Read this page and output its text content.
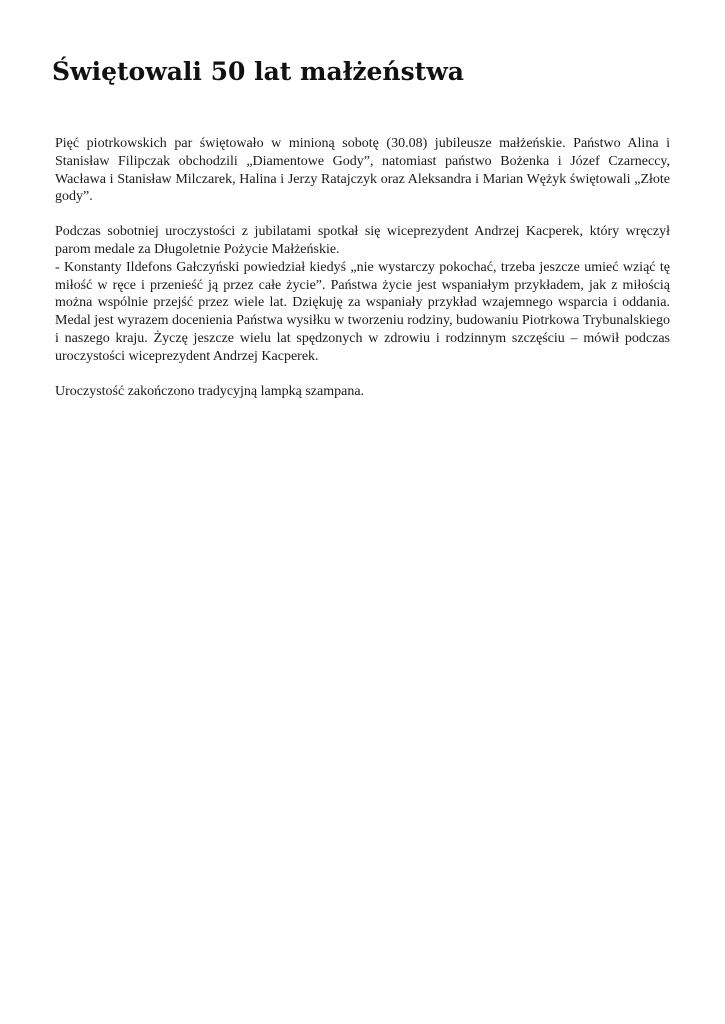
Świętowali 50 lat małżeństwa

Pięć piotrkowskich par świętowało w minioną sobotę (30.08) jubileusze małżeńskie. Państwo Alina i Stanisław Filipczak obchodzili „Diamentowe Gody”, natomiast państwo Bożenka i Józef Czarneccy, Wacława i Stanisław Milczarek, Halina i Jerzy Ratajczyk oraz Aleksandra i Marian Wężyk świętowali „Złote gody”.

Podczas sobotniej uroczystości z jubilatami spotkał się wiceprezydent Andrzej Kacperek, który wręczył parom medale za Długoletnie Pożycie Małżeńskie.

- Konstanty Ildefons Gałczyński powiedział kiedyś „nie wystarczy pokochać, trzeba jeszcze umieć wziąć tę miłość w ręce i przenieść ją przez całe życie”. Państwa życie jest wspaniałym przykładem, jak z miłością można wspólnie przejść przez wiele lat. Dziękuję za wspaniały przykład wzajemnego wsparcia i oddania. Medal jest wyrazem docenienia Państwa wysiłku w tworzeniu rodziny, budowaniu Piotrkowa Trybunalskiego i naszego kraju. Życzę jeszcze wielu lat spędzonych w zdrowiu i rodzinnym szczęściu – mówił podczas uroczystości wiceprezydent Andrzej Kacperek.

Uroczystość zakończono tradycyjną lampką szampana.
